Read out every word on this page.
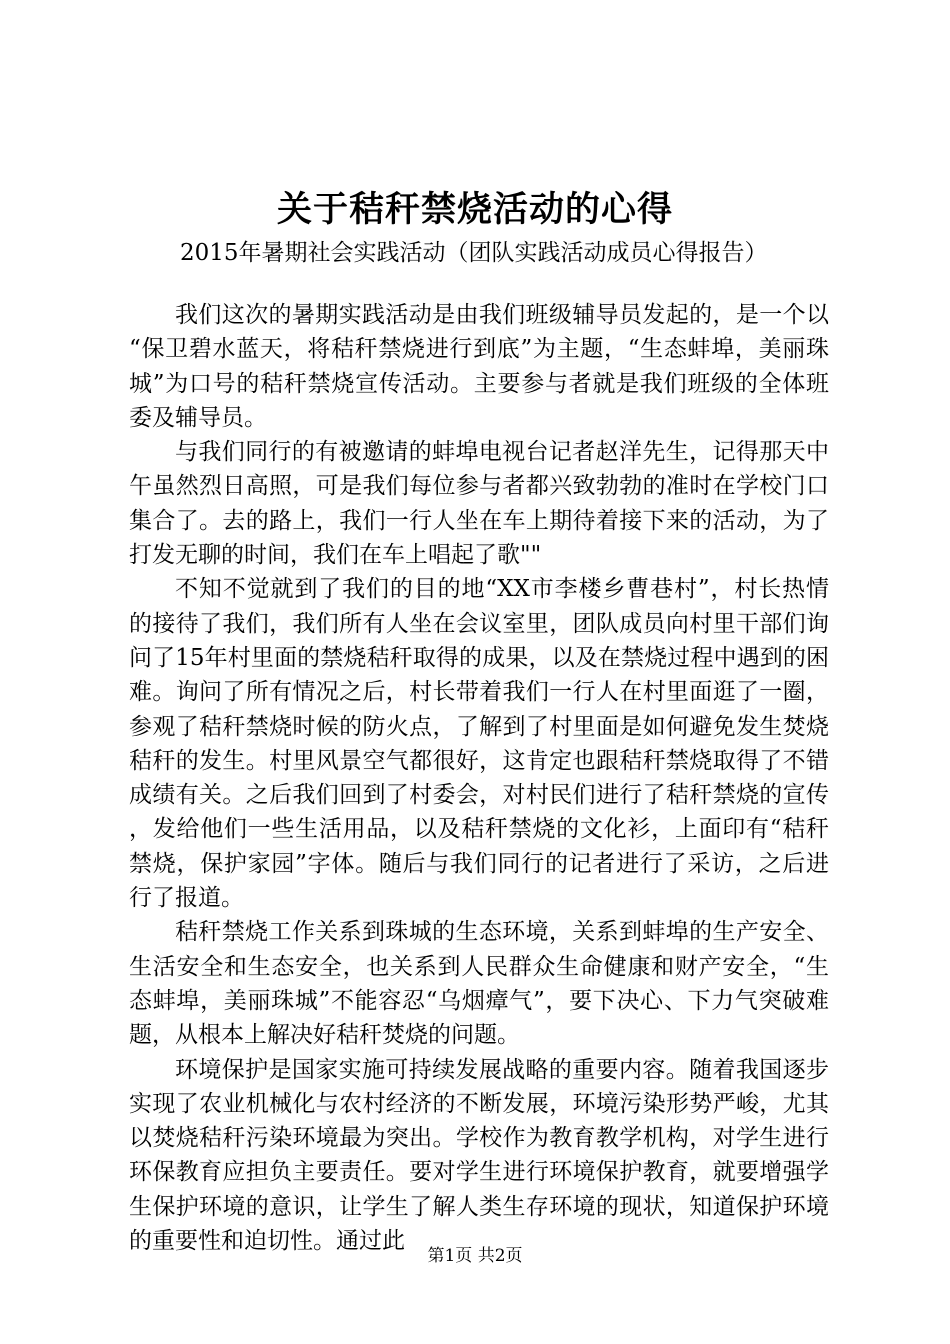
关于秸秆禁烧活动的心得

2015年暑期社会实践活动（团队实践活动成员心得报告）

我们这次的暑期实践活动是由我们班级辅导员发起的，是一个以“保卫碧水蓝天，将秸秆禁烧进行到底”为主题，“生态蚌埠，美丽珠城”为口号的秸秆禁烧宣传活动。主要参与者就是我们班级的全体班委及辅导员。

与我们同行的有被邀请的蚌埠电视台记者赵洋先生，记得那天中午虽然烈日高照，可是我们每位参与者都兴致勃勃的准时在学校门口集合了。去的路上，我们一行人坐在车上期待着接下来的活动，为了打发无聊的时间，我们在车上唱起了歌""

不知不觉就到了我们的目的地“XX市李楼乡曹巷村”，村长热情的接待了我们，我们所有人坐在会议室里，团队成员向村里干部们询问了15年村里面的禁烧秸秆取得的成果，以及在禁烧过程中遇到的困难。询问了所有情况之后，村长带着我们一行人在村里面逛了一圈，参观了秸秆禁烧时候的防火点，了解到了村里面是如何避免发生焚烧秸秆的发生。村里风景空气都很好，这肯定也跟秸秆禁烧取得了不错成绩有关。之后我们回到了村委会，对村民们进行了秸秆禁烧的宣传，发给他们一些生活用品，以及秸秆禁烧的文化衫，上面印有“秸秆禁烧，保护家园”字体。随后与我们同行的记者进行了采访，之后进行了报道。

秸秆禁烧工作关系到珠城的生态环境，关系到蚌埠的生产安全、生活安全和生态安全，也关系到人民群众生命健康和财产安全，“生态蚌埠，美丽珠城”不能容忍“乌烟瘴气”，要下决心、下力气突破难题，从根本上解决好秸秆焚烧的问题。

环境保护是国家实施可持续发展战略的重要内容。随着我国逐步实现了农业机械化与农村经济的不断发展，环境污染形势严峻，尤其以焚烧秸秆污染环境最为突出。学校作为教育教学机构，对学生进行环保教育应担负主要责任。要对学生进行环境保护教育，就要增强学生保护环境的意识，让学生了解人类生存环境的现状，知道保护环境的重要性和迫切性。通过此

第1页 共2页
